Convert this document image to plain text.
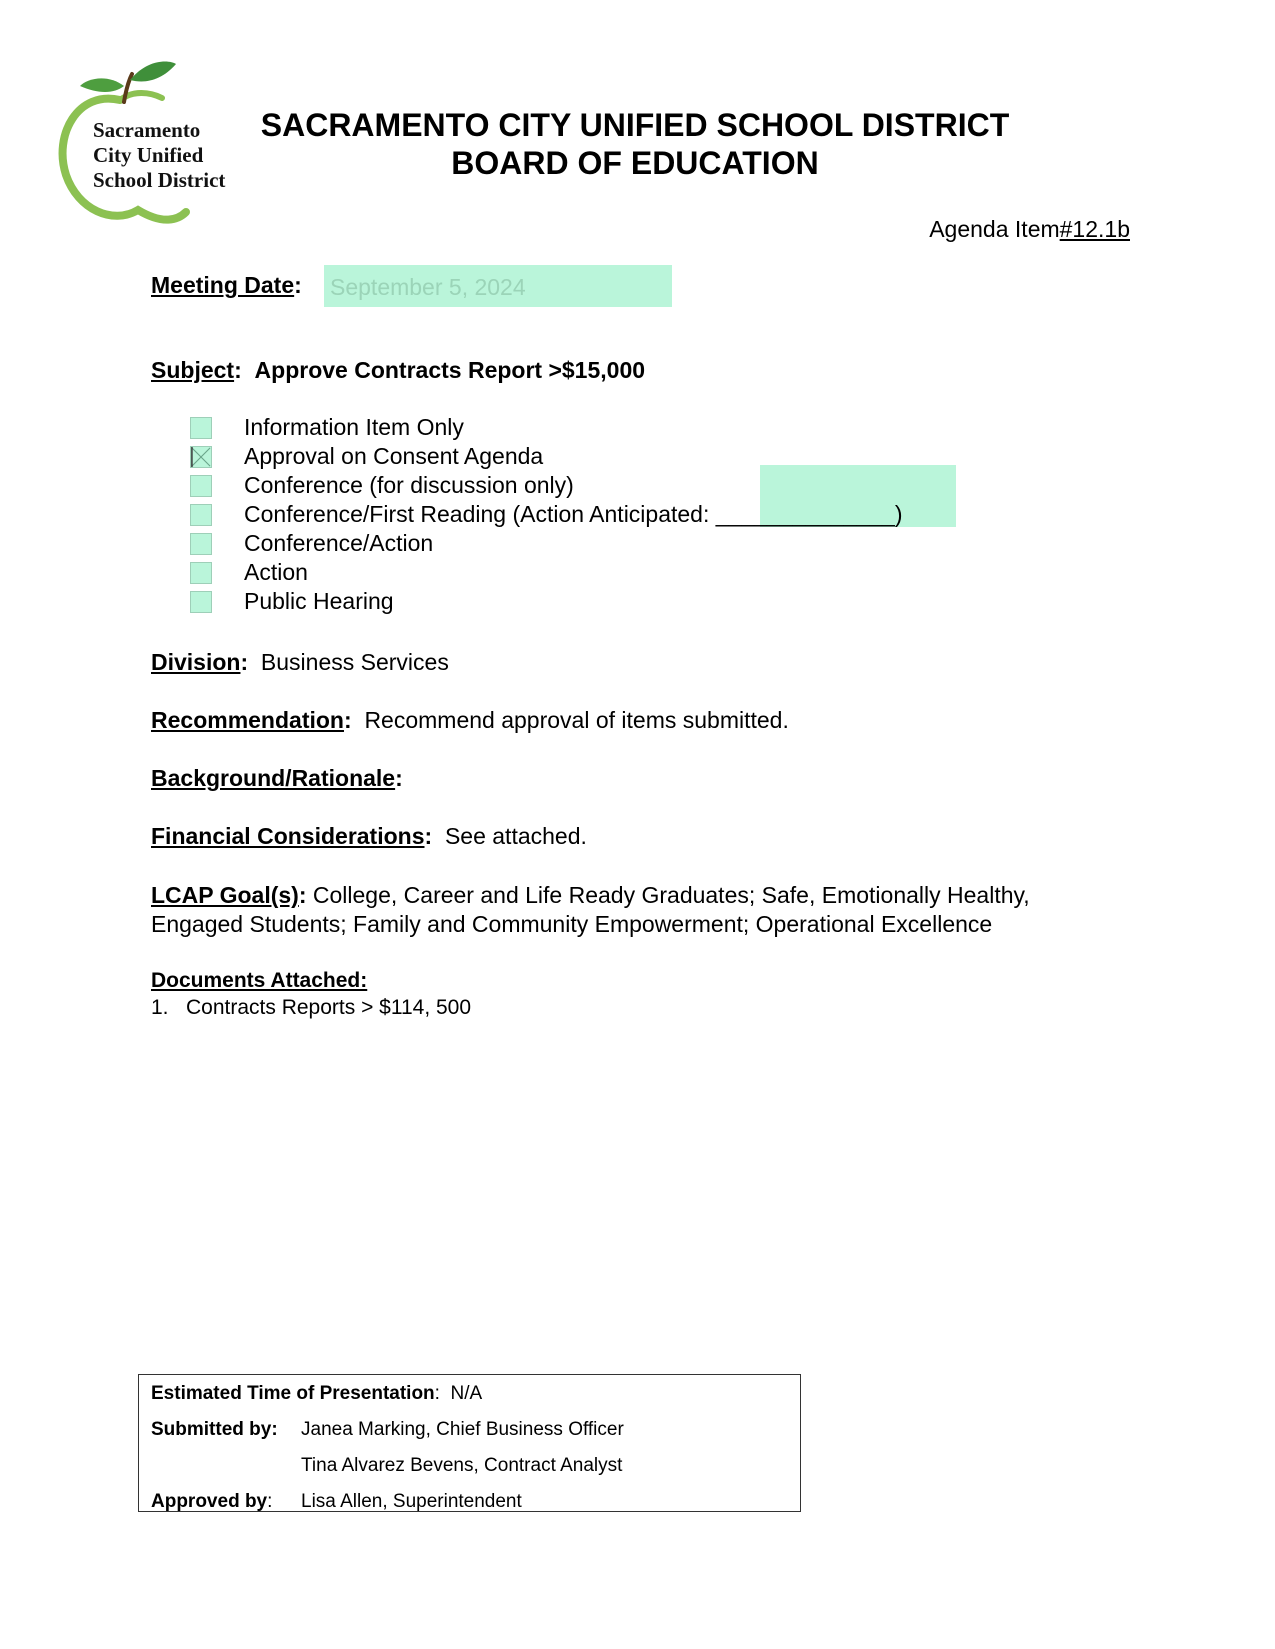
Sacramento
City Unified
School District
SACRAMENTO CITY UNIFIED SCHOOL DISTRICT
BOARD OF EDUCATION
Agenda Item#12.1b
Meeting Date: September 5, 2024
Subject:  Approve Contracts Report >$15,000
Information Item Only
Approval on Consent Agenda
Conference (for discussion only)
Conference/First Reading (Action Anticipated: ______________)
Conference/Action
Action
Public Hearing
Division: Business Services
Recommendation: Recommend approval of items submitted.
Background/Rationale:
Financial Considerations: See attached.
LCAP Goal(s): College, Career and Life Ready Graduates; Safe, Emotionally Healthy,
Engaged Students; Family and Community Empowerment; Operational Excellence
Documents Attached:
1.   Contracts Reports > $114, 500
Estimated Time of Presentation:  N/A
Submitted by: Janea Marking, Chief Business Officer
Tina Alvarez Bevens, Contract Analyst
Approved by: Lisa Allen, Superintendent
